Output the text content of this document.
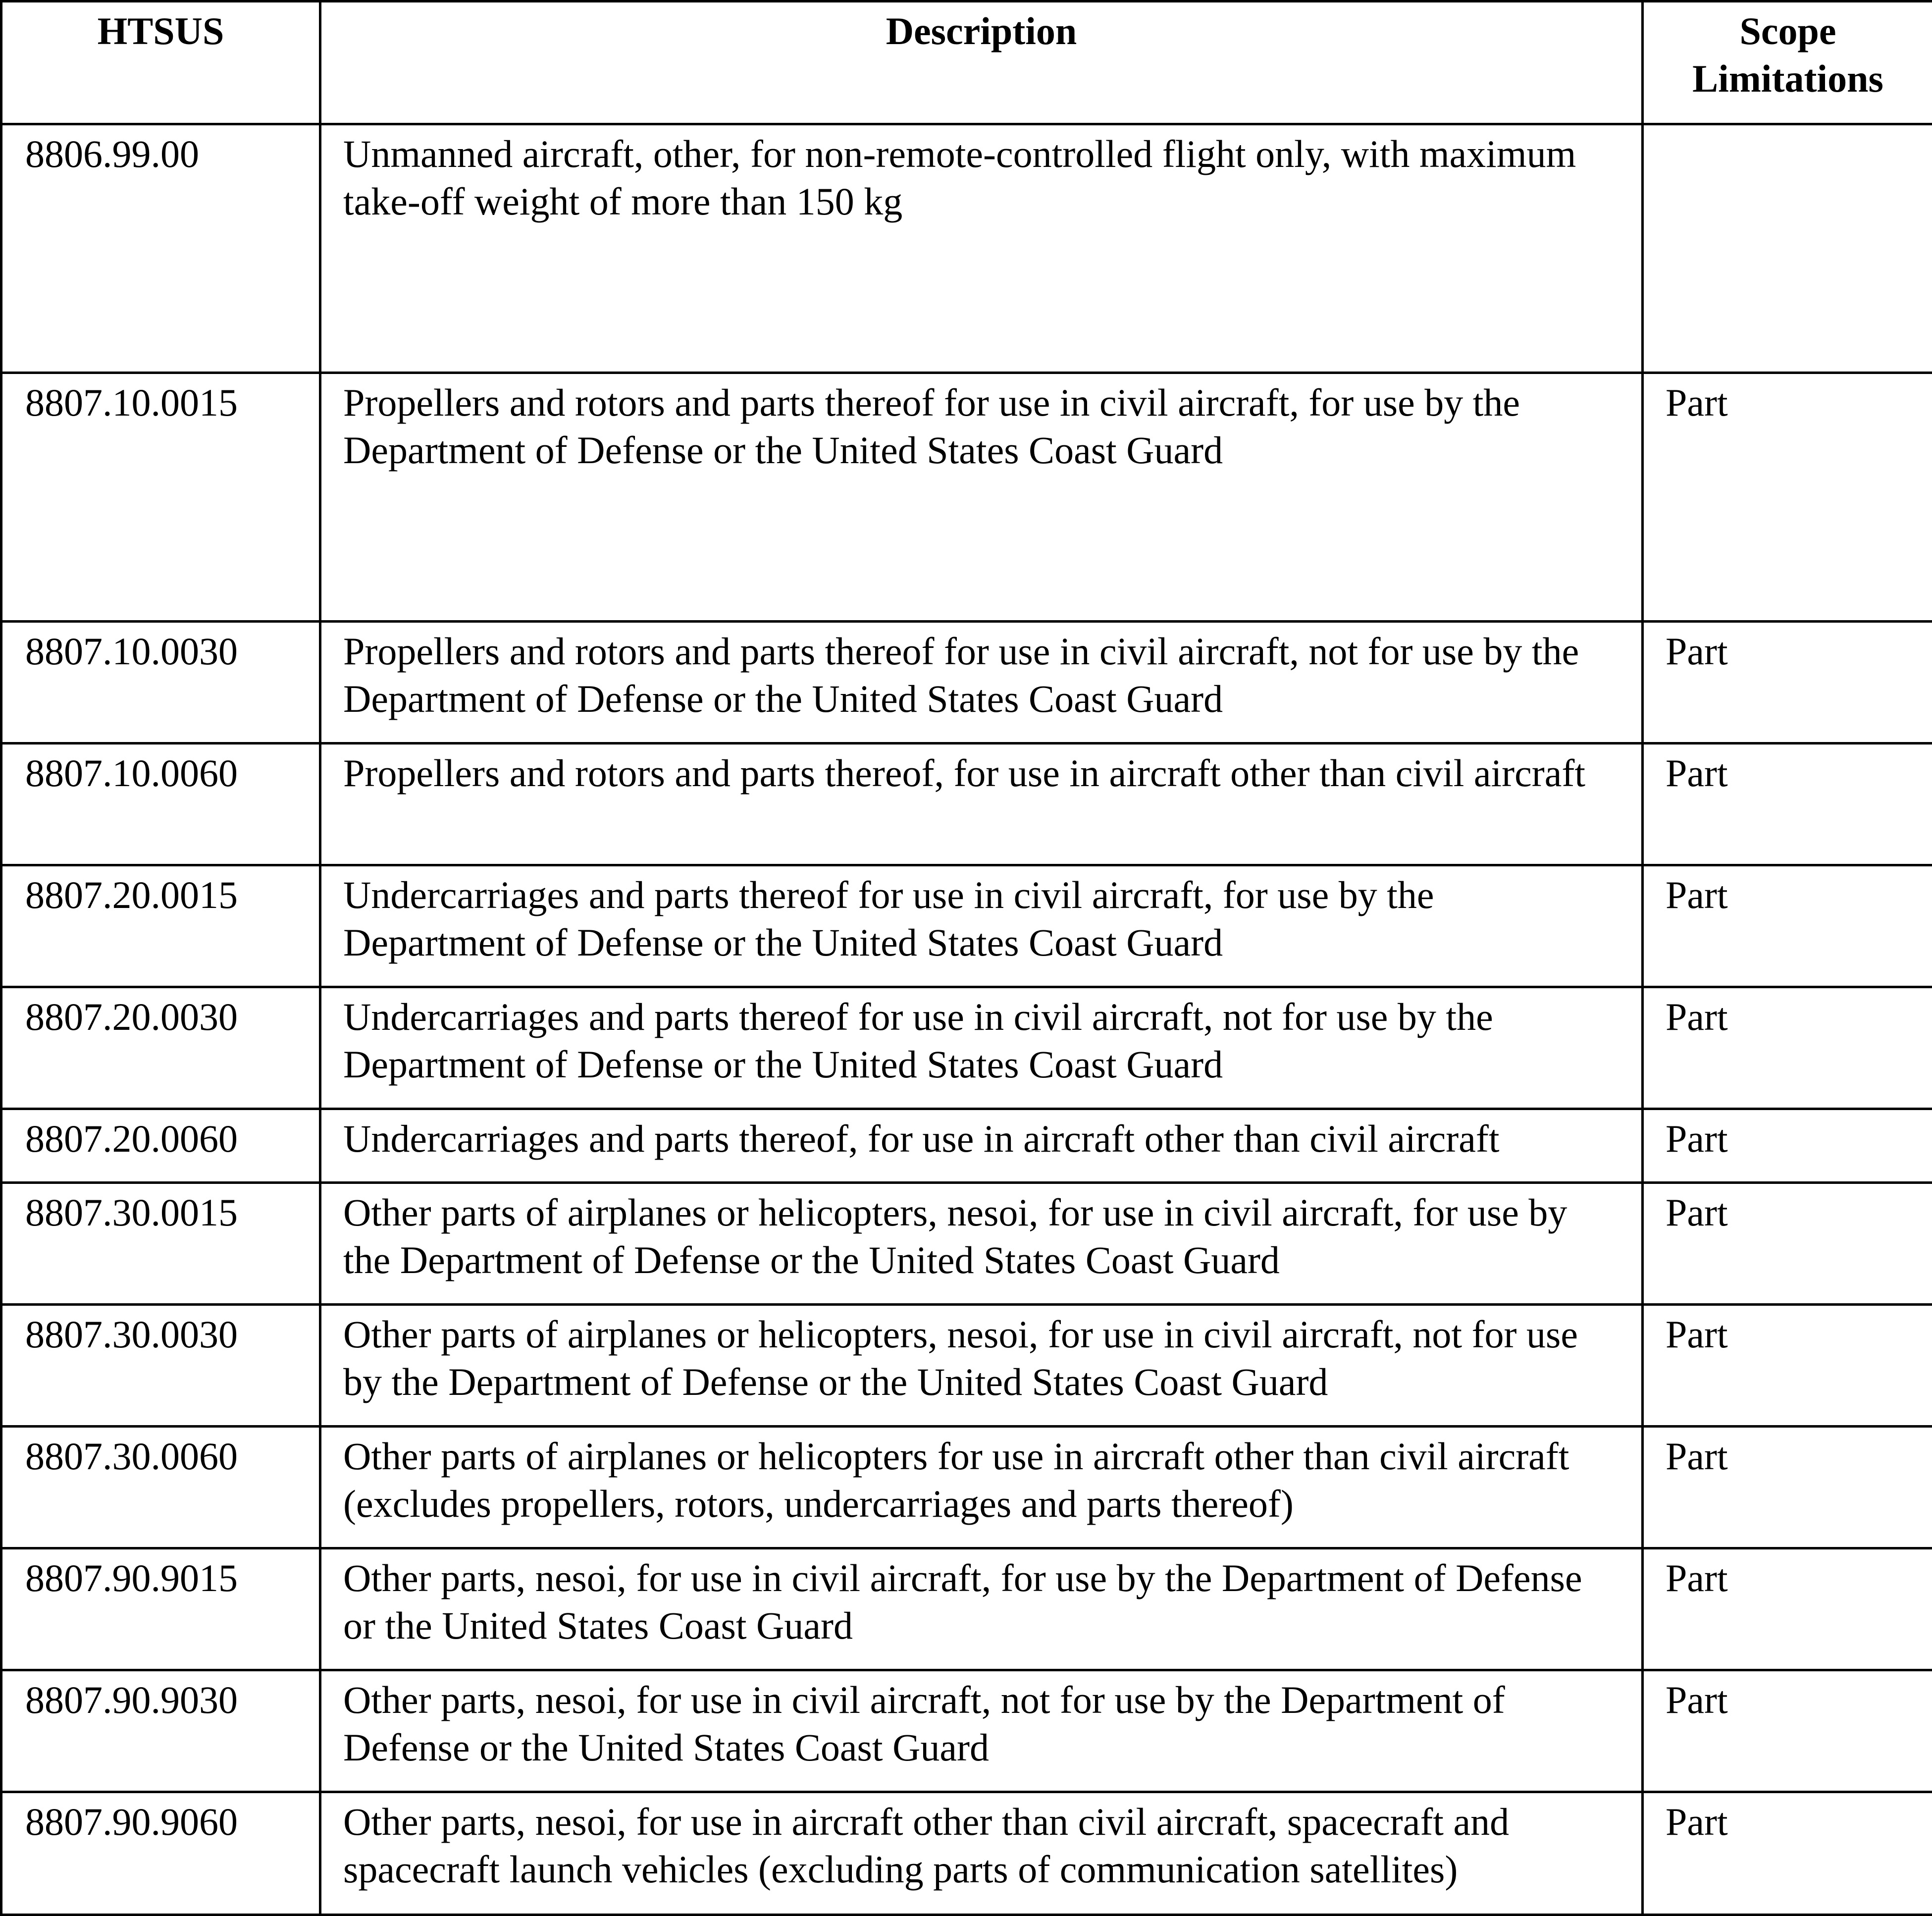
HTSUS	Description	Scope Limitations
8806.99.00	Unmanned aircraft, other, for non-remote-controlled flight only, with maximum take-off weight of more than 150 kg	
8807.10.0015	Propellers and rotors and parts thereof for use in civil aircraft, for use by the Department of Defense or the United States Coast Guard	Part
8807.10.0030	Propellers and rotors and parts thereof for use in civil aircraft, not for use by the Department of Defense or the United States Coast Guard	Part
8807.10.0060	Propellers and rotors and parts thereof, for use in aircraft other than civil aircraft	Part
8807.20.0015	Undercarriages and parts thereof for use in civil aircraft, for use by the Department of Defense or the United States Coast Guard	Part
8807.20.0030	Undercarriages and parts thereof for use in civil aircraft, not for use by the Department of Defense or the United States Coast Guard	Part
8807.20.0060	Undercarriages and parts thereof, for use in aircraft other than civil aircraft	Part
8807.30.0015	Other parts of airplanes or helicopters, nesoi, for use in civil aircraft, for use by the Department of Defense or the United States Coast Guard	Part
8807.30.0030	Other parts of airplanes or helicopters, nesoi, for use in civil aircraft, not for use by the Department of Defense or the United States Coast Guard	Part
8807.30.0060	Other parts of airplanes or helicopters for use in aircraft other than civil aircraft (excludes propellers, rotors, undercarriages and parts thereof)	Part
8807.90.9015	Other parts, nesoi, for use in civil aircraft, for use by the Department of Defense or the United States Coast Guard	Part
8807.90.9030	Other parts, nesoi, for use in civil aircraft, not for use by the Department of Defense or the United States Coast Guard	Part
8807.90.9060	Other parts, nesoi, for use in aircraft other than civil aircraft, spacecraft and spacecraft launch vehicles (excluding parts of communication satellites)	Part
